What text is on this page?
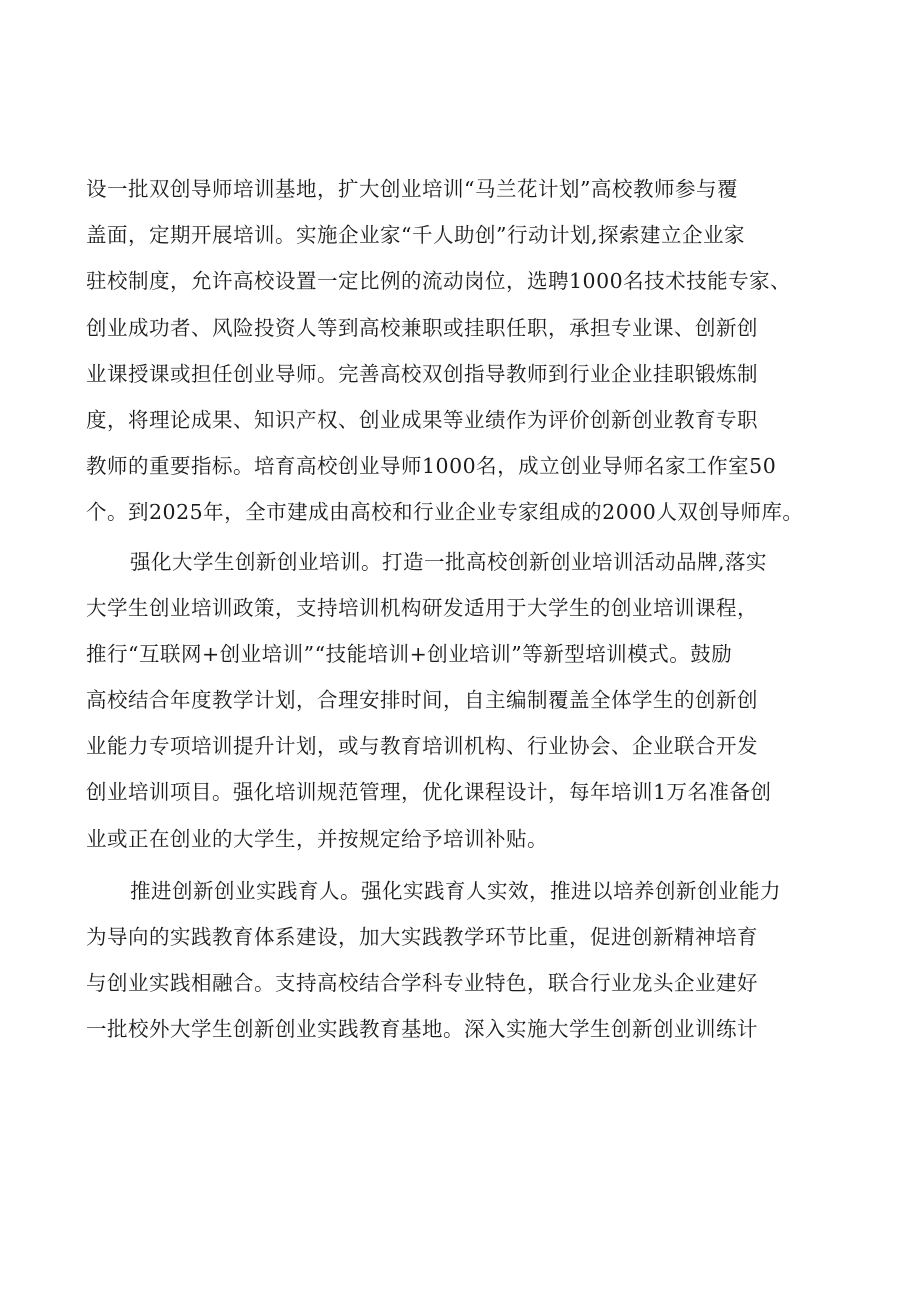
设一批双创导师培训基地，扩大创业培训“马兰花计划”高校教师参与覆
盖面，定期开展培训。实施企业家“千人助创”行动计划,探索建立企业家
驻校制度，允许高校设置一定比例的流动岗位，选聘1000名技术技能专家、
创业成功者、风险投资人等到高校兼职或挂职任职，承担专业课、创新创
业课授课或担任创业导师。完善高校双创指导教师到行业企业挂职锻炼制
度，将理论成果、知识产权、创业成果等业绩作为评价创新创业教育专职
教师的重要指标。培育高校创业导师1000名，成立创业导师名家工作室50
个。到2025年，全市建成由高校和行业企业专家组成的2000人双创导师库。
强化大学生创新创业培训。打造一批高校创新创业培训活动品牌,落实
大学生创业培训政策，支持培训机构研发适用于大学生的创业培训课程，
推行“互联网+创业培训”“技能培训+创业培训”等新型培训模式。鼓励
高校结合年度教学计划，合理安排时间，自主编制覆盖全体学生的创新创
业能力专项培训提升计划，或与教育培训机构、行业协会、企业联合开发
创业培训项目。强化培训规范管理，优化课程设计，每年培训1万名准备创
业或正在创业的大学生，并按规定给予培训补贴。
推进创新创业实践育人。强化实践育人实效，推进以培养创新创业能力
为导向的实践教育体系建设，加大实践教学环节比重，促进创新精神培育
与创业实践相融合。支持高校结合学科专业特色，联合行业龙头企业建好
一批校外大学生创新创业实践教育基地。深入实施大学生创新创业训练计
